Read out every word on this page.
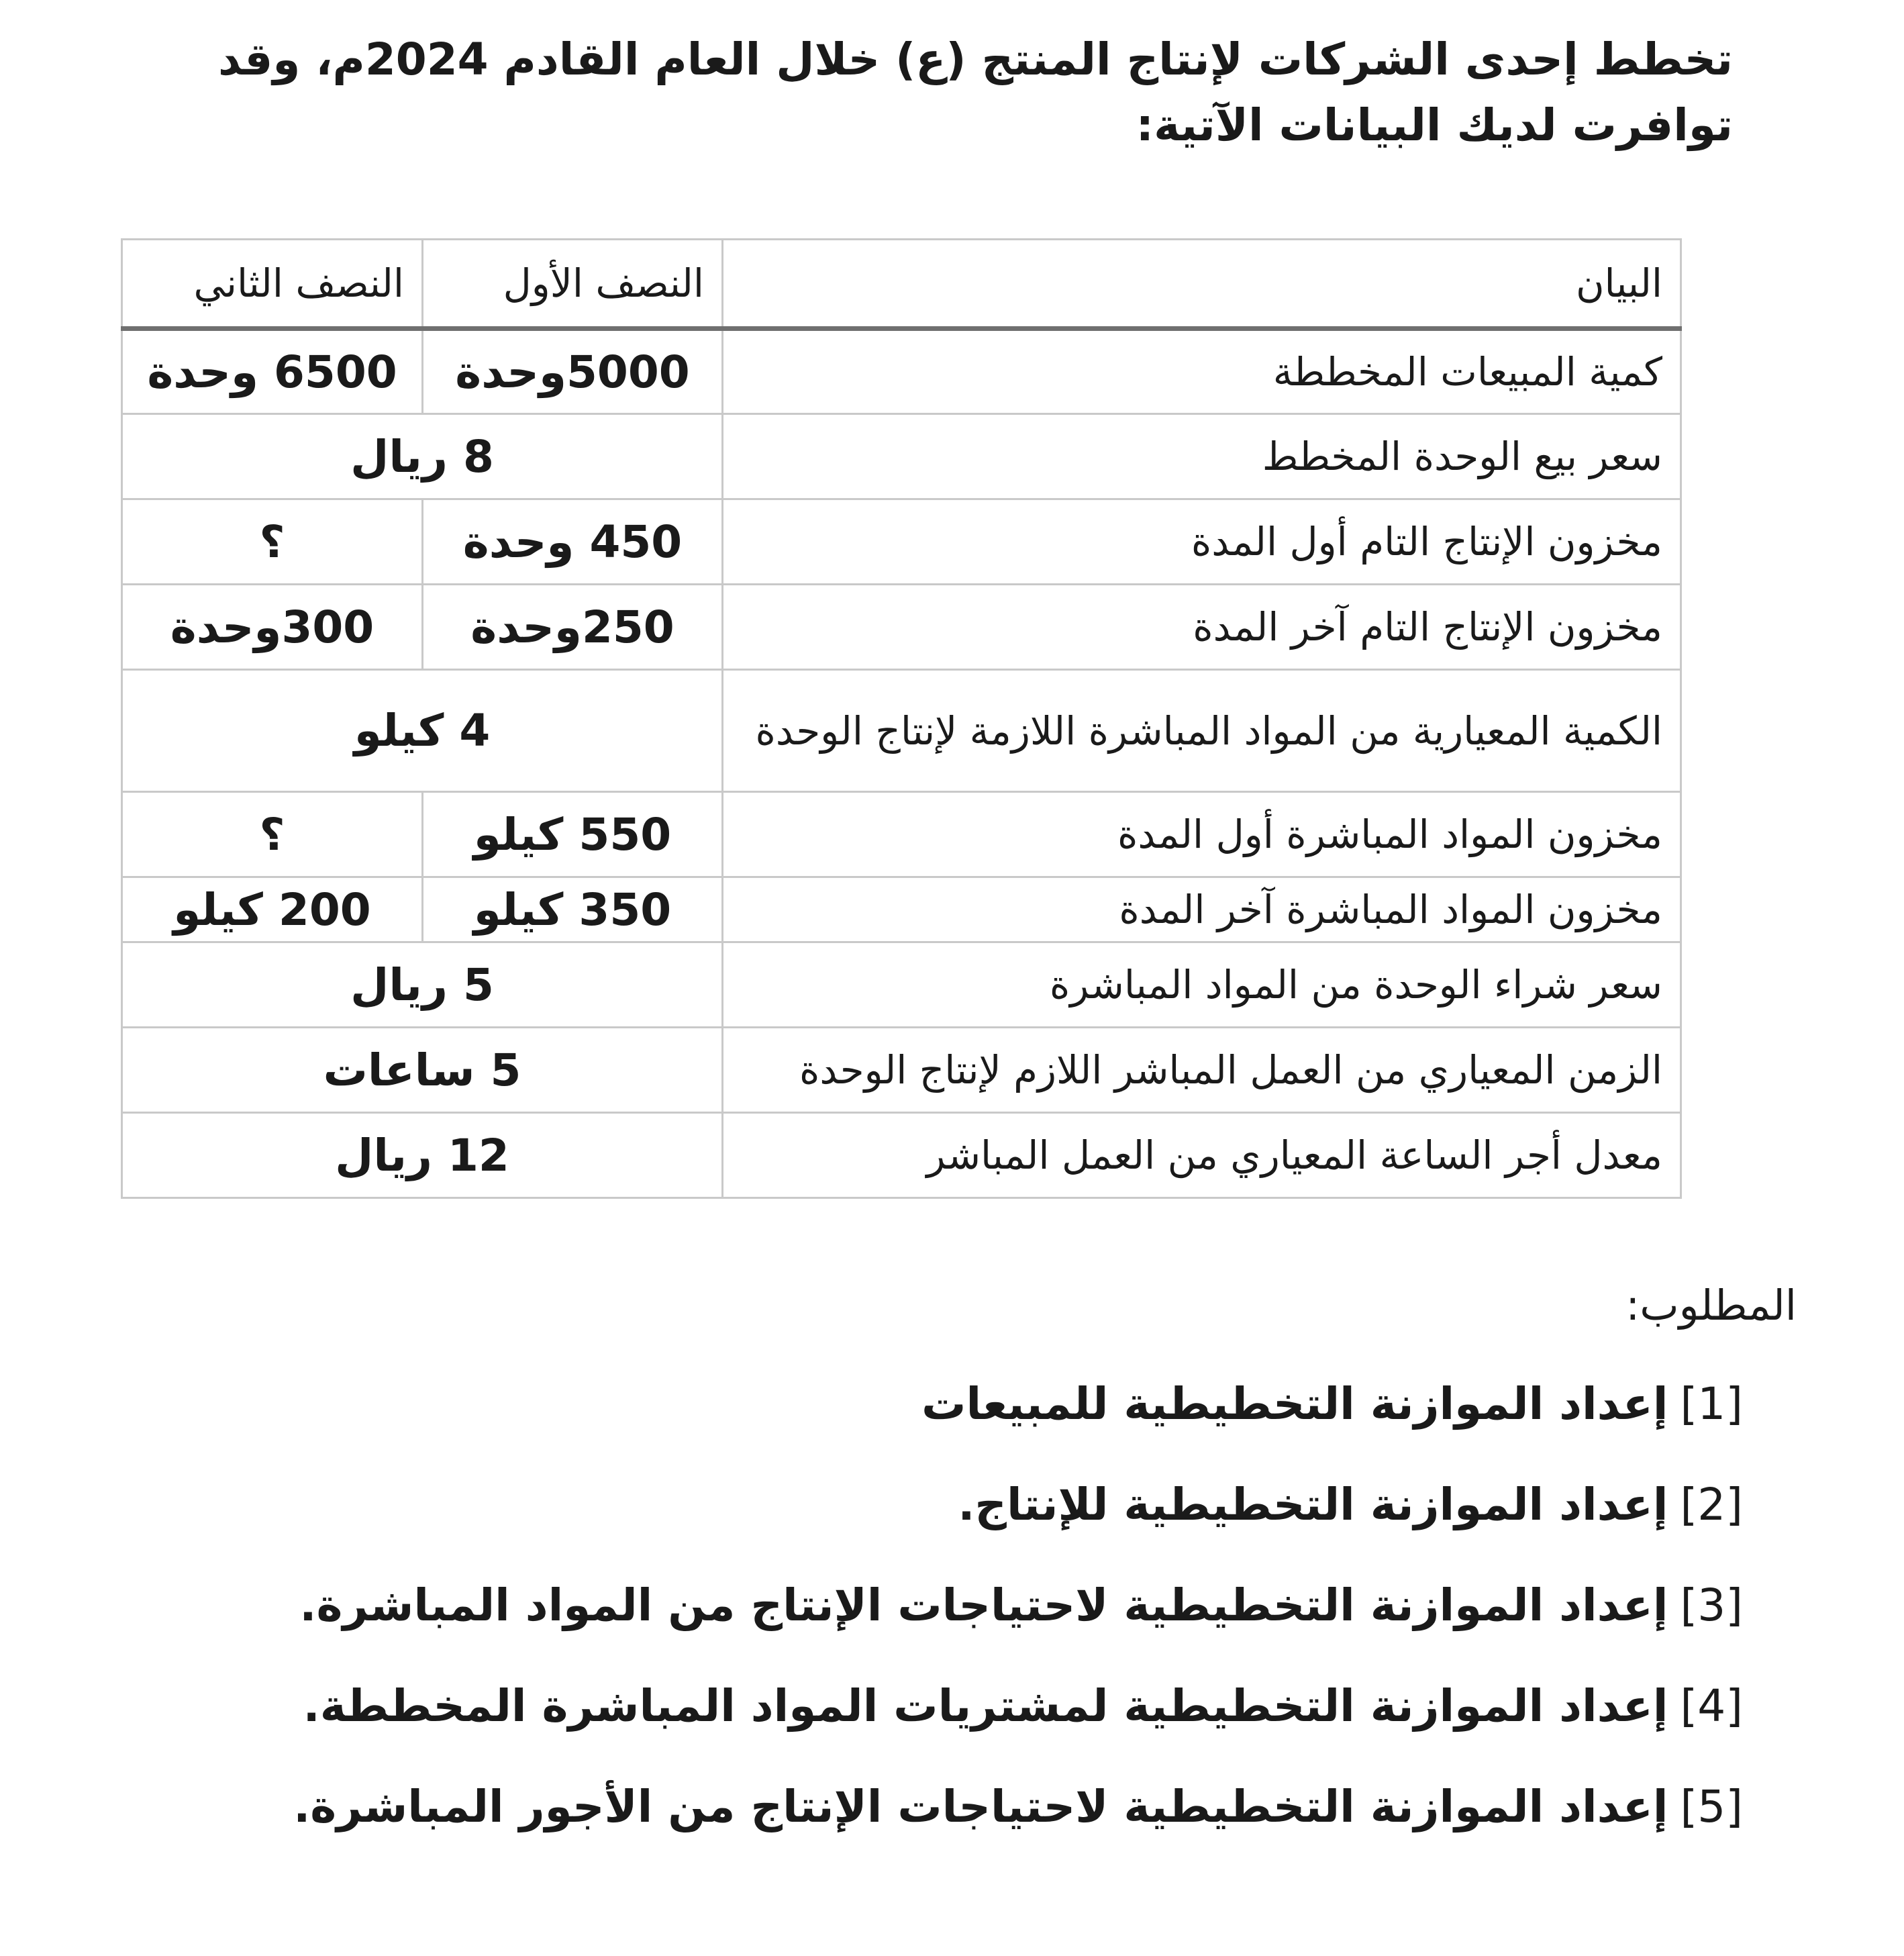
تخطط إحدى الشركات لإنتاج المنتج (ع) خلال العام القادم 2024م، وقد توافرت لديك البيانات الآتية:

البيان	النصف الأول	النصف الثاني
كمية المبيعات المخططة	5000وحدة	6500 وحدة
سعر بيع الوحدة المخطط	8 ريال	
مخزون الإنتاج التام أول المدة	450 وحدة	؟
مخزون الإنتاج التام آخر المدة	250وحدة	300وحدة
الكمية المعيارية من المواد المباشرة اللازمة لإنتاج الوحدة	4 كيلو	
مخزون المواد المباشرة أول المدة	550 كيلو	؟
مخزون المواد المباشرة آخر المدة	350 كيلو	200 كيلو
سعر شراء الوحدة من المواد المباشرة	5 ريال	
الزمن المعياري من العمل المباشر اللازم لإنتاج الوحدة	5 ساعات	
معدل أجر الساعة المعياري من العمل المباشر	12 ريال	

المطلوب:

[1]إعداد الموازنة التخطيطية للمبيعات
[2]إعداد الموازنة التخطيطية للإنتاج.
[3]إعداد الموازنة التخطيطية لاحتياجات الإنتاج من المواد المباشرة.
[4]إعداد الموازنة التخطيطية لمشتريات المواد المباشرة المخططة.
[5]إعداد الموازنة التخطيطية لاحتياجات الإنتاج من الأجور المباشرة.
